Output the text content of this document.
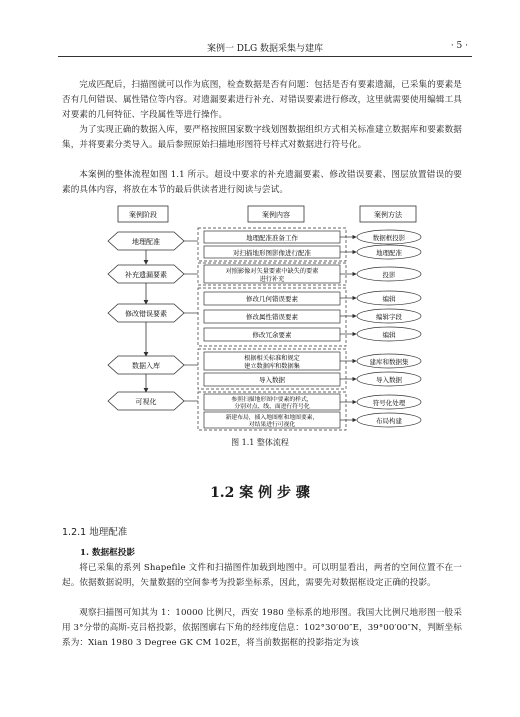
案例一 DLG 数据采集与建库	· 5 ·

完成匹配后，扫描图就可以作为底图，检查数据是否有问题：包括是否有要素遗漏，已采集的要素是否有几何错误、属性错位等内容。对遗漏要素进行补充、对错误要素进行修改，这里就需要使用编辑工具对要素的几何特征、字段属性等进行操作。

为了实现正确的数据入库，要严格按照国家数字线划图数据组织方式相关标准建立数据库和要素数据集，并将要素分类导入。最后参照原始扫描地形图符号样式对数据进行符号化。

本案例的整体流程如图 1.1 所示。超设中要求的补充遗漏要素、修改错误要素、图层放置错误的要素的具体内容，将放在本节的最后供读者进行阅读与尝试。

案例阶段	案例内容	案例方法
地理配准
补充遗漏要素
修改错误要素
数据入库
可视化
地理配准准备工作
对扫描地形图影像进行配准
对照影像对矢量要素中缺失的要素
进行补充
修改几何错误要素
修改属性错误要素
修改冗余要素
根据相关标准和规定
建立数据库和数据集
导入数据
参照扫描地形图中要素的样式，
分别对点、线、面进行符号化
新建布局，插入地图框和地图要素，
对结果进行可视化
数据框投影
地理配准
投影
编辑
编辑字段
编辑
建库和数据集
导入数据
符号化处理
布局构建
图 1.1 整体流程
1.2 案 例 步 骤
1.2.1 地理配准
1. 数据框投影

将已采集的系列 Shapefile 文件和扫描图件加载到地图中。可以明显看出，两者的空间位置不在一起。依据数据说明，矢量数据的空间参考为投影坐标系，因此，需要先对数据框设定正确的投影。

观察扫描图可知其为 1：10000 比例尺，西安 1980 坐标系的地形图。我国大比例尺地形图一般采用 3°分带的高斯-克吕格投影，依据图廓右下角的经纬度信息：102°30′00″E，39°00′00″N，判断坐标系为：Xian 1980 3 Degree GK CM 102E，将当前数据框的投影指定为该
